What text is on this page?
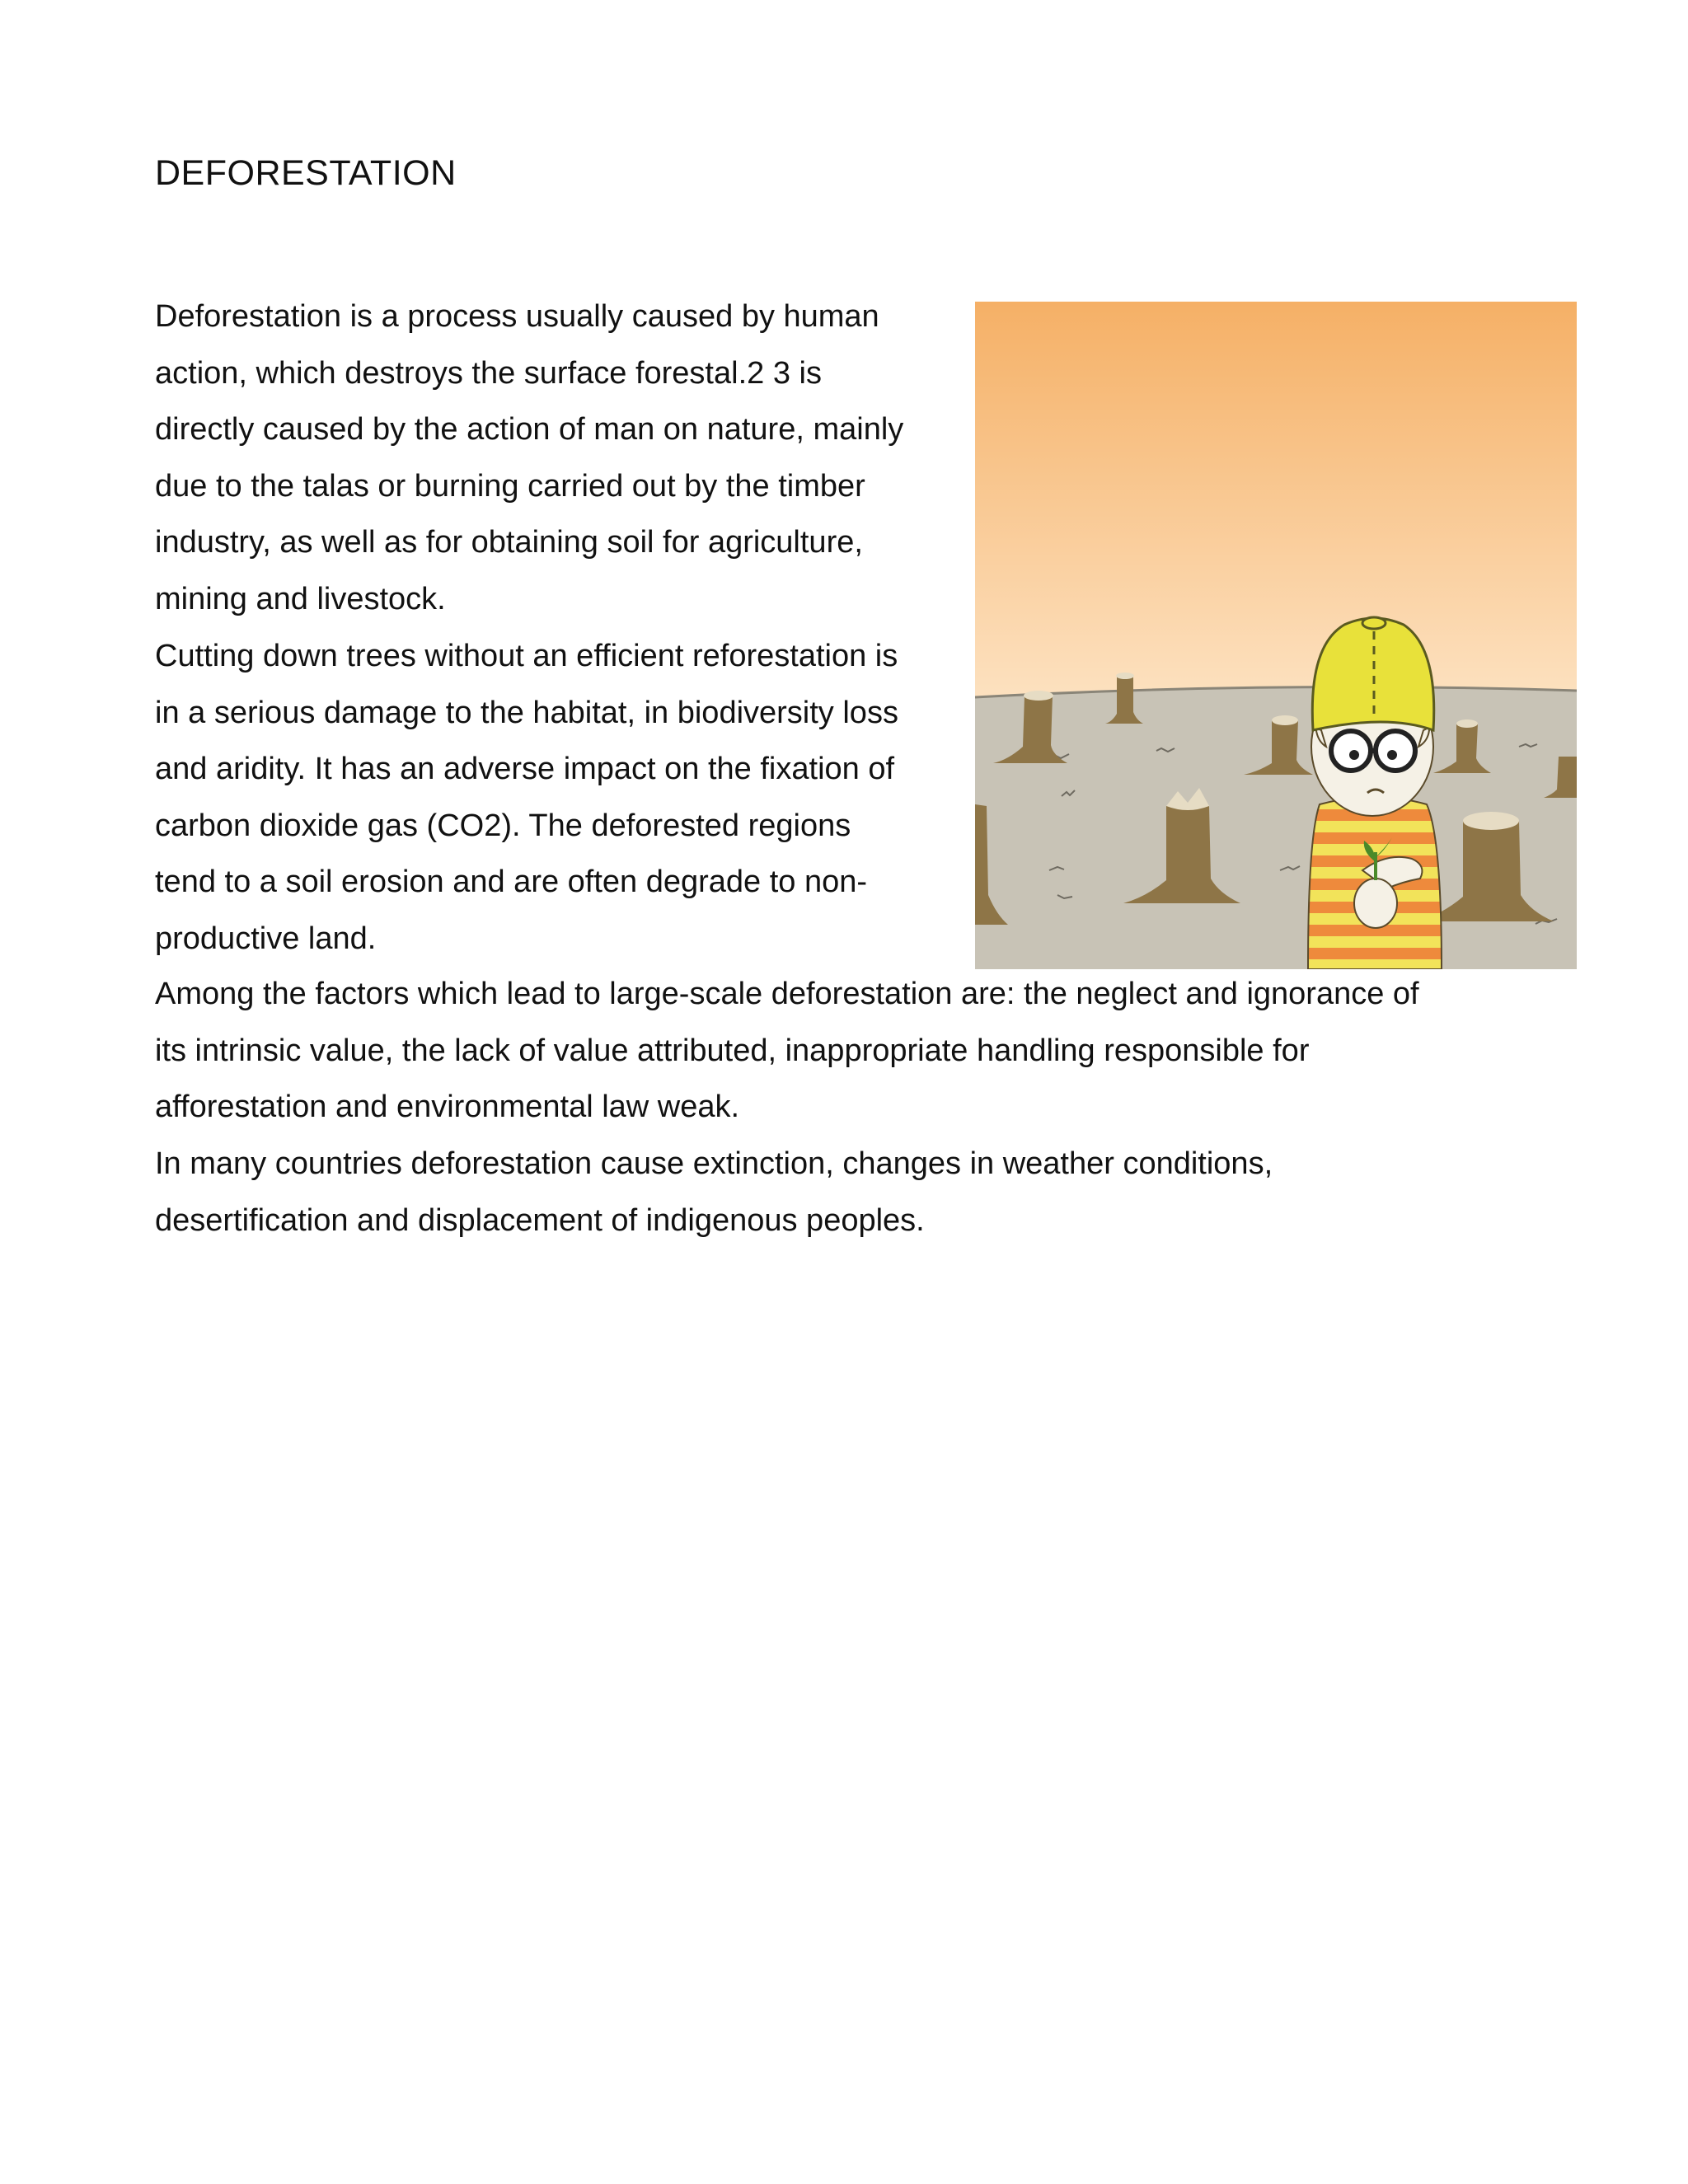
DEFORESTATION
Deforestation is a process usually caused by human
action, which destroys the surface forestal.2 3 is
directly caused by the action of man on nature, mainly
due to the talas or burning carried out by the timber
industry, as well as for obtaining soil for agriculture,
mining and livestock.
Cutting down trees without an efficient reforestation is
in a serious damage to the habitat, in biodiversity loss
and aridity. It has an adverse impact on the fixation of
carbon dioxide gas (CO2). The deforested regions
tend to a soil erosion and are often degrade to non-
productive land.
Among the factors which lead to large-scale deforestation are: the neglect and ignorance of
its intrinsic value, the lack of value attributed, inappropriate handling responsible for
afforestation and environmental law weak.
In many countries deforestation cause extinction, changes in weather conditions,
desertification and displacement of indigenous peoples.
